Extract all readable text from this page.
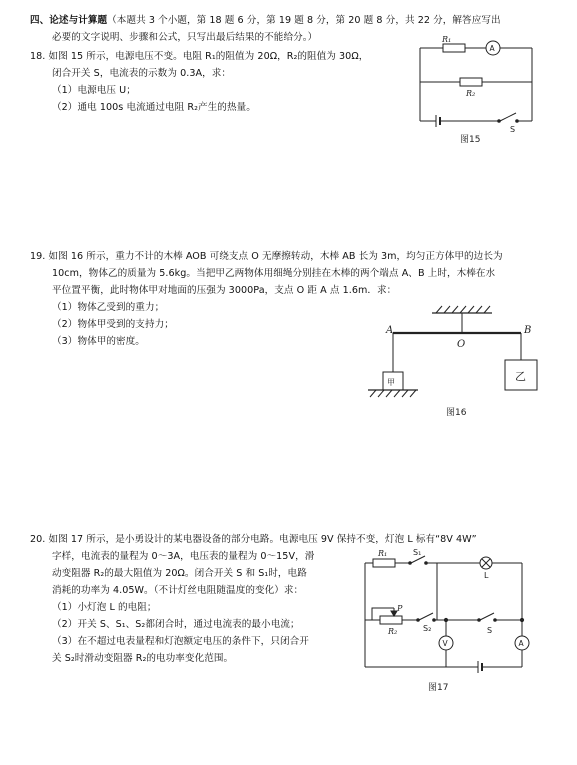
四、论述与计算题（本题共 3 个小题，第 18 题 6 分，第 19 题 8 分，第 20 题 8 分，共 22 分，解答应写出
必要的文字说明、步骤和公式，只写出最后结果的不能给分。）
18. 如图 15 所示，电源电压不变。电阻 R₁的阻值为 20Ω，R₂的阻值为 30Ω，
闭合开关 S，电流表的示数为 0.3A，求：
（1）电源电压 U；
（2）通电 100s 电流通过电阻 R₂产生的热量。
R₁
A
R₂
S
图15
19. 如图 16 所示，重力不计的木棒 AOB 可绕支点 O 无摩擦转动，木棒 AB 长为 3m，均匀正方体甲的边长为
10cm，物体乙的质量为 5.6kg。当把甲乙两物体用细绳分别挂在木棒的两个端点 A、B 上时，木棒在水
平位置平衡，此时物体甲对地面的压强为 3000Pa，支点 O 距 A 点 1.6m．求：
（1）物体乙受到的重力；
（2）物体甲受到的支持力；
（3）物体甲的密度。
A	B
O
甲	乙
图16
20. 如图 17 所示，是小勇设计的某电器设备的部分电路。电源电压 9V 保持不变，灯泡 L 标有“8V 4W”
字样，电流表的量程为 0～3A，电压表的量程为 0～15V，滑
动变阻器 R₂的最大阻值为 20Ω。闭合开关 S 和 S₁时，电路
消耗的功率为 4.05W。（不计灯丝电阻随温度的变化）求：
（1）小灯泡 L 的电阻；
（2）开关 S、S₁、S₂都闭合时，通过电流表的最小电流；
（3）在不超过电表量程和灯泡额定电压的条件下，只闭合开
关 S₂时滑动变阻器 R₂的电功率变化范围。
R₁	S₁
L
P
R₂	S₂	S
V	A
图17
